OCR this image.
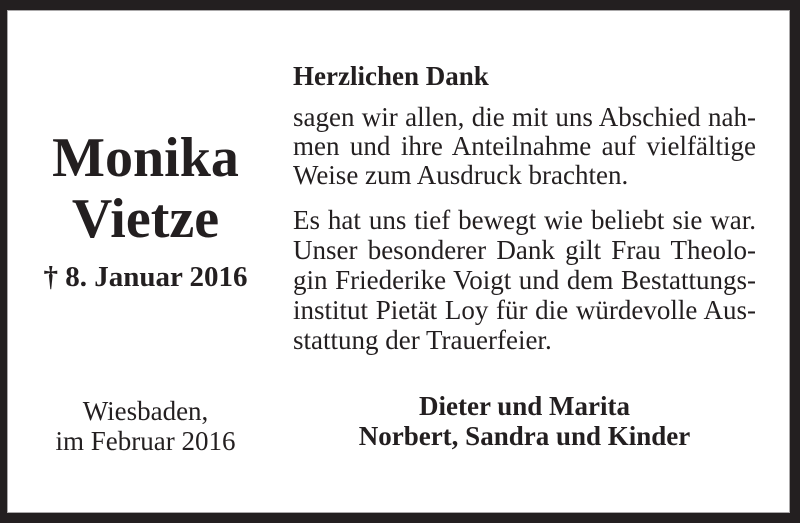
Monika
Vietze
† 8. Januar 2016
Wiesbaden,
im Februar 2016
Herzlichen Dank
sagen wir allen, die mit uns Abschied nah-
men und ihre Anteilnahme auf vielfältige
Weise zum Ausdruck brachten.
Es hat uns tief bewegt wie beliebt sie war.
Unser besonderer Dank gilt Frau Theolo-
gin Friederike Voigt und dem Bestattungs-
institut Pietät Loy für die würdevolle Aus-
stattung der Trauerfeier.
Dieter und Marita
Norbert, Sandra und Kinder
